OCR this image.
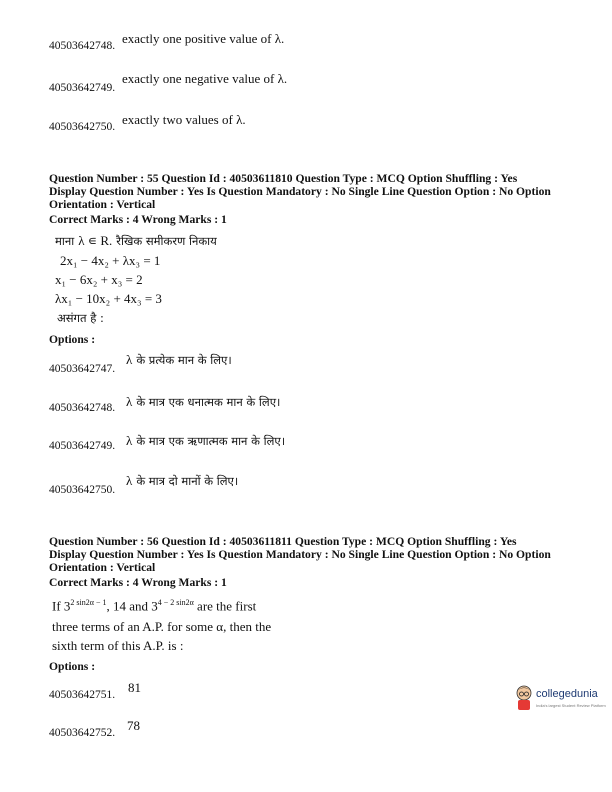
40503642748. exactly one positive value of λ.
40503642749.
exactly one negative value of λ.
40503642750. exactly two values of λ.
Question Number : 55 Question Id : 40503611810 Question Type : MCQ Option Shuffling : Yes
Display Question Number : Yes Is Question Mandatory : No Single Line Question Option : No Option
Orientation : Vertical
Correct Marks : 4 Wrong Marks : 1
माना λ ∊ R. रैखिक समीकरण निकाय
2x₁ − 4x₂ + λx₃ = 1
x₁ − 6x₂ + x₃ = 2
λx₁ − 10x₂ + 4x₃ = 3
असंगत है :
Options :
40503642747.
λ के प्रत्येक मान के लिए।
40503642748. λ के मात्र एक धनात्मक मान के लिए।
40503642749. λ के मात्र एक ऋणात्मक मान के लिए।
40503642750.
λ के मात्र दो मानों के लिए।
Question Number : 56 Question Id : 40503611811 Question Type : MCQ Option Shuffling : Yes
Display Question Number : Yes Is Question Mandatory : No Single Line Question Option : No Option
Orientation : Vertical
Correct Marks : 4 Wrong Marks : 1
If $3^{2 sin2\alpha - 1}$, 14 and $3^{4 - 2 sin2\alpha}$ are the first
three terms of an A.P. for some α, then the
sixth term of this A.P. is :
Options :
40503642751. 81
40503642752. 78
collegedunia
India's largest Student Review Platform
